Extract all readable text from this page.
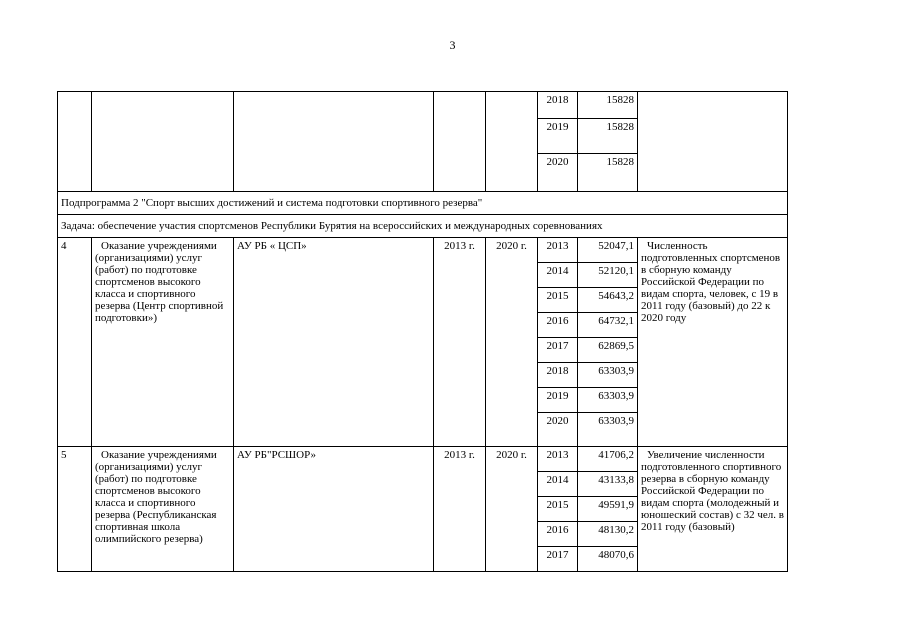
3
					2018	15828	
					2019	15828	
					2020	15828	
Подпрограмма 2 "Спорт высших достижений и система подготовки спортивного резерва"							
Задача: обеспечение участия спортсменов Республики Бурятия на всероссийских и международных соревнованиях							
4	Оказание учреждениями (организациями) услуг (работ) по подготовке спортсменов высокого класса и спортивного резерва (Центр спортивной подготовки»)	АУ РБ « ЦСП»	2013 г.	2020 г.	2013	52047,1	Численность подготовленных спортсменов в сборную команду Российской Федерации по видам спорта, человек, с 19 в 2011 году (базовый) до 22 к 2020 году
					2014	52120,1	
					2015	54643,2	
					2016	64732,1	
					2017	62869,5	
					2018	63303,9	
					2019	63303,9	
					2020	63303,9	
5	Оказание учреждениями (организациями) услуг (работ) по подготовке спортсменов высокого класса и спортивного резерва (Республиканская спортивная школа олимпийского резерва)	АУ РБ"РСШОР»	2013 г.	2020 г.	2013	41706,2	Увеличение численности подготовленного спортивного резерва в сборную команду Российской Федерации по видам спорта (молодежный и юношеский состав) с 32 чел. в 2011 году (базовый)
					2014	43133,8	
					2015	49591,9	
					2016	48130,2	
					2017	48070,6	
